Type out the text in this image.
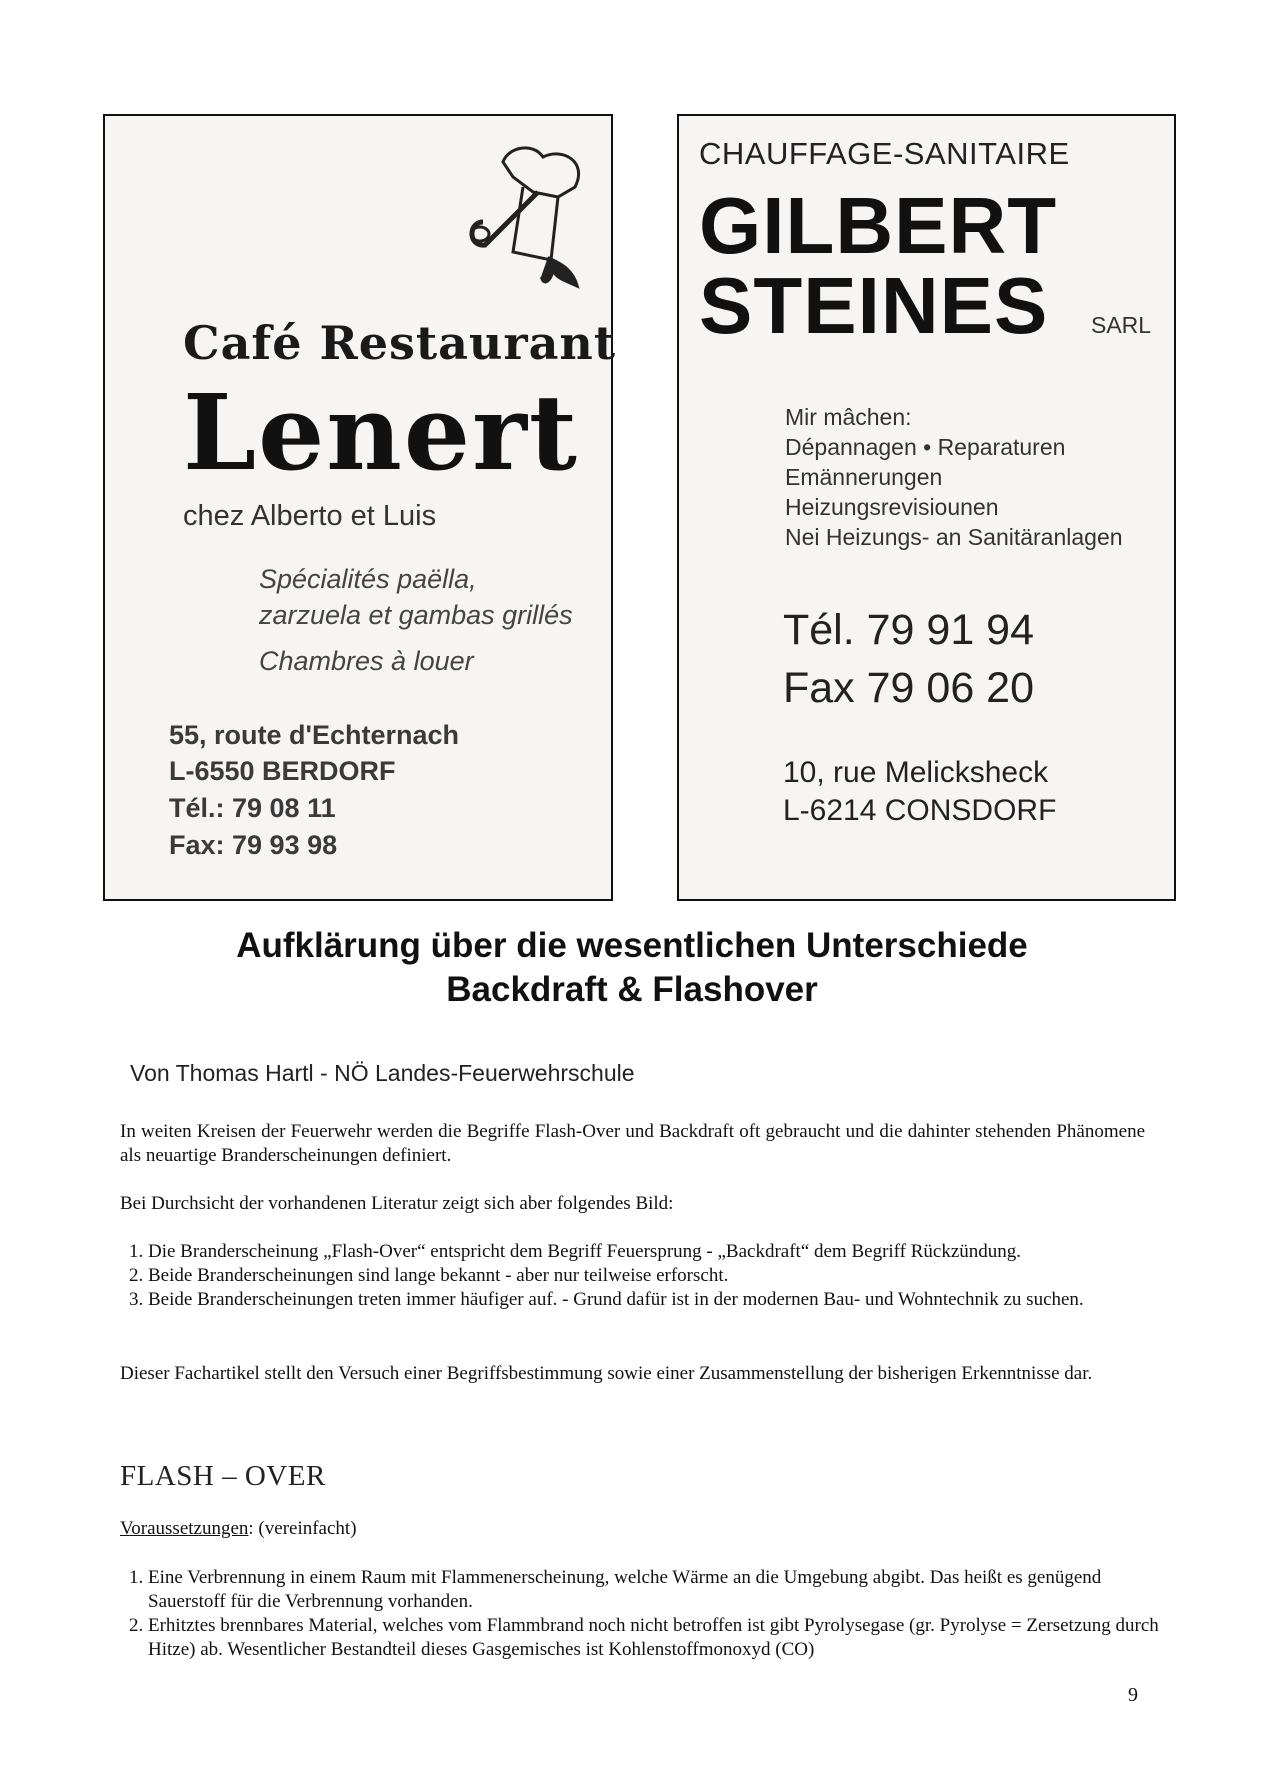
Café Restaurant
Lenert
chez Alberto et Luis
Spécialités paëlla,
zarzuela et gambas grillés
Chambres à louer
55, route d'Echternach
L-6550 BERDORF
Tél.: 79 08 11
Fax: 79 93 98
CHAUFFAGE-SANITAIRE
GILBERT
STEINES SARL
Mir mâchen:
Dépannagen • Reparaturen
Emännerungen
Heizungsrevisiounen
Nei Heizungs- an Sanitäranlagen
Tél. 79 91 94
Fax 79 06 20
10, rue Melicksheck
L-6214 CONSDORF
Aufklärung über die wesentlichen Unterschiede
Backdraft & Flashover
Von Thomas Hartl - NÖ Landes-Feuerwehrschule
In weiten Kreisen der Feuerwehr werden die Begriffe Flash-Over und Backdraft oft gebraucht und die dahinter stehenden Phänomene als neuartige Branderscheinungen definiert.
Bei Durchsicht der vorhandenen Literatur zeigt sich aber folgendes Bild:
1. Die Branderscheinung „Flash-Over“ entspricht dem Begriff Feuersprung - „Backdraft“ dem Begriff Rückzündung.
2. Beide Branderscheinungen sind lange bekannt - aber nur teilweise erforscht.
3. Beide Branderscheinungen treten immer häufiger auf. - Grund dafür ist in der modernen Bau- und Wohntechnik zu suchen.
Dieser Fachartikel stellt den Versuch einer Begriffsbestimmung sowie einer Zusammenstellung der bisherigen Erkenntnisse dar.
FLASH – OVER
Voraussetzungen: (vereinfacht)
1. Eine Verbrennung in einem Raum mit Flammenerscheinung, welche Wärme an die Umgebung abgibt. Das heißt es genügend Sauerstoff für die Verbrennung vorhanden.
2. Erhitztes brennbares Material, welches vom Flammbrand noch nicht betroffen ist gibt Pyrolysegase (gr. Pyrolyse = Zersetzung durch Hitze) ab. Wesentlicher Bestandteil dieses Gasgemisches ist Kohlenstoffmonoxyd (CO)
9
